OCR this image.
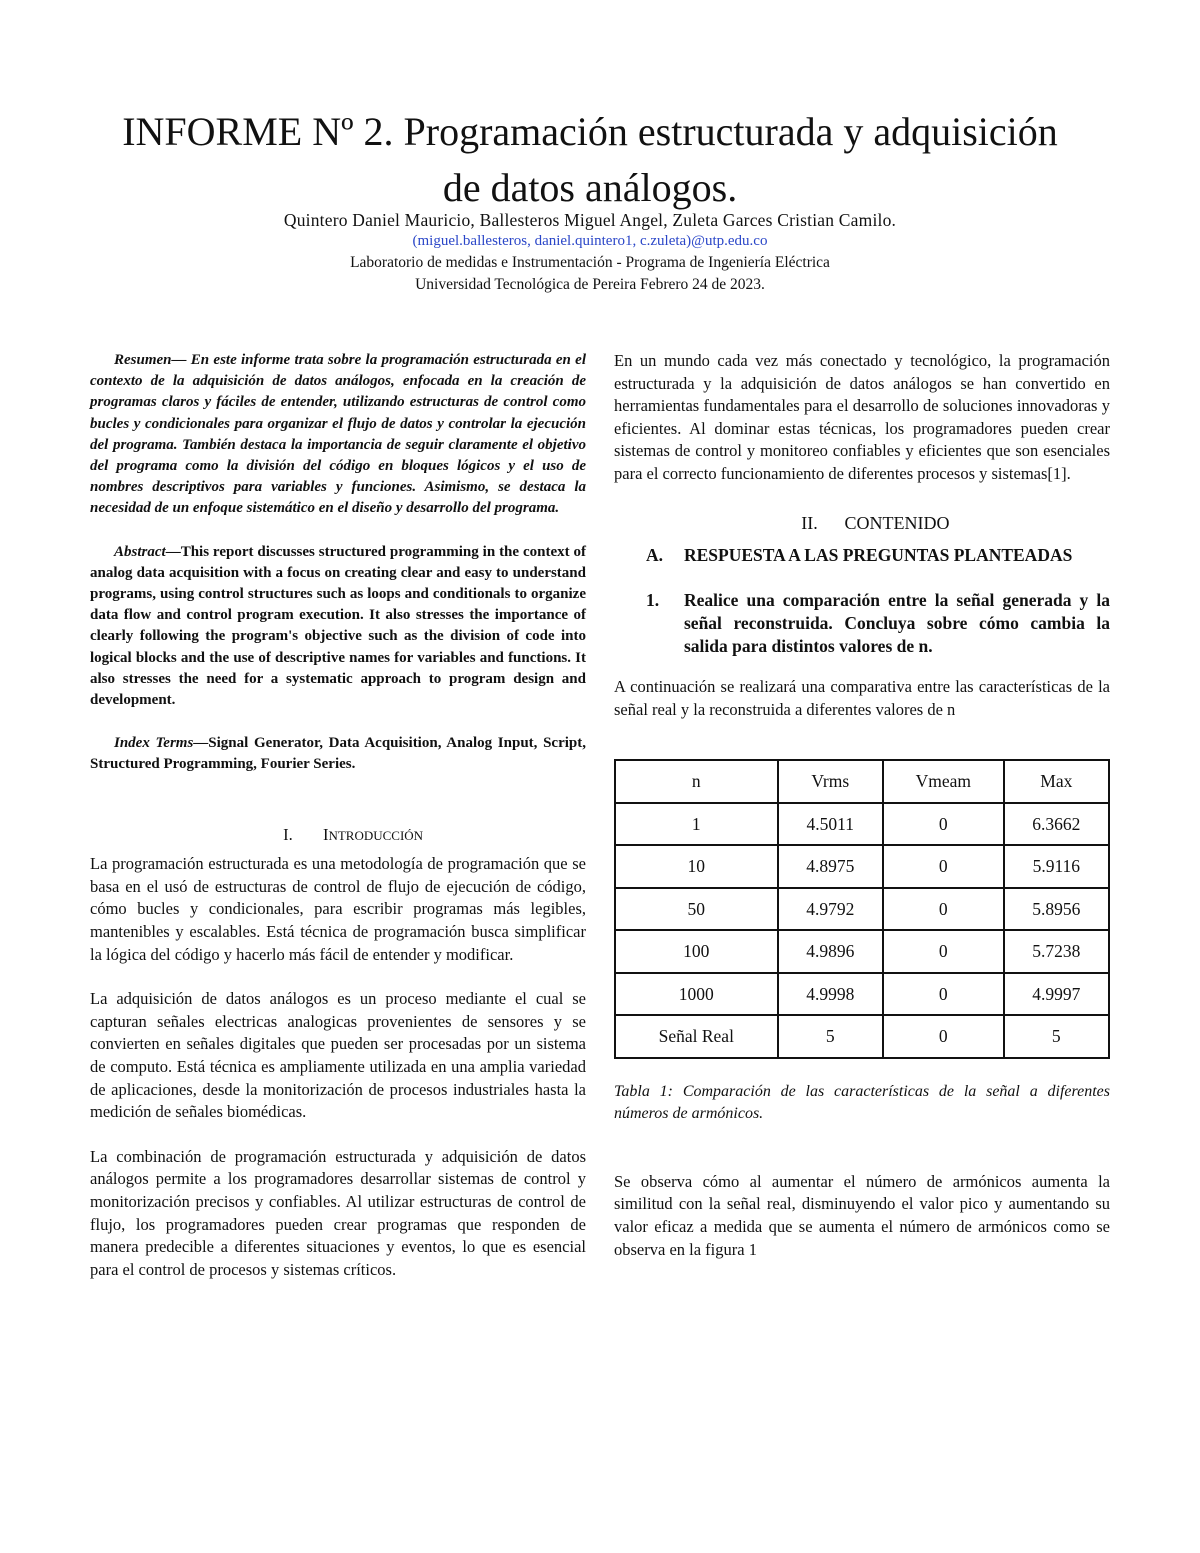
INFORME Nº 2. Programación estructurada y adquisición de datos análogos.
Quintero Daniel Mauricio, Ballesteros Miguel Angel, Zuleta Garces Cristian Camilo.
(miguel.ballesteros, daniel.quintero1, c.zuleta)@utp.edu.co
Laboratorio de medidas e Instrumentación - Programa de Ingeniería Eléctrica
Universidad Tecnológica de Pereira Febrero 24 de 2023.

Resumen— En este informe trata sobre la programación estructurada en el contexto de la adquisición de datos análogos, enfocada en la creación de programas claros y fáciles de entender, utilizando estructuras de control como bucles y condicionales para organizar el flujo de datos y controlar la ejecución del programa. También destaca la importancia de seguir claramente el objetivo del programa como la división del código en bloques lógicos y el uso de nombres descriptivos para variables y funciones. Asimismo, se destaca la necesidad de un enfoque sistemático en el diseño y desarrollo del programa.

Abstract—This report discusses structured programming in the context of analog data acquisition with a focus on creating clear and easy to understand programs, using control structures such as loops and conditionals to organize data flow and control program execution. It also stresses the importance of clearly following the program's objective such as the division of code into logical blocks and the use of descriptive names for variables and functions. It also stresses the need for a systematic approach to program design and development.

Index Terms—Signal Generator, Data Acquisition, Analog Input, Script, Structured Programming, Fourier Series.

I. INTRODUCCIÓN

La programación estructurada es una metodología de programación que se basa en el usó de estructuras de control de flujo de ejecución de código, cómo bucles y condicionales, para escribir programas más legibles, mantenibles y escalables. Está técnica de programación busca simplificar la lógica del código y hacerlo más fácil de entender y modificar.

La adquisición de datos análogos es un proceso mediante el cual se capturan señales electricas analogicas provenientes de sensores y se convierten en señales digitales que pueden ser procesadas por un sistema de computo. Está técnica es ampliamente utilizada en una amplia variedad de aplicaciones, desde la monitorización de procesos industriales hasta la medición de señales biomédicas.

La combinación de programación estructurada y adquisición de datos análogos permite a los programadores desarrollar sistemas de control y monitorización precisos y confiables. Al utilizar estructuras de control de flujo, los programadores pueden crear programas que responden de manera predecible a diferentes situaciones y eventos, lo que es esencial para el control de procesos y sistemas críticos.

En un mundo cada vez más conectado y tecnológico, la programación estructurada y la adquisición de datos análogos se han convertido en herramientas fundamentales para el desarrollo de soluciones innovadoras y eficientes. Al dominar estas técnicas, los programadores pueden crear sistemas de control y monitoreo confiables y eficientes que son esenciales para el correcto funcionamiento de diferentes procesos y sistemas[1].

II. CONTENIDO
A.	RESPUESTA A LAS PREGUNTAS PLANTEADAS
1.	Realice una comparación entre la señal generada y la señal reconstruida. Concluya sobre cómo cambia la salida para distintos valores de n.

A continuación se realizará una comparativa entre las características de la señal real y la reconstruida a diferentes valores de n

n	Vrms	Vmeam	Max
1	4.5011	0	6.3662
10	4.8975	0	5.9116
50	4.9792	0	5.8956
100	4.9896	0	5.7238
1000	4.9998	0	4.9997
Señal Real	5	0	5

Tabla 1: Comparación de las características de la señal a diferentes números de armónicos.

Se observa cómo al aumentar el número de armónicos aumenta la similitud con la señal real, disminuyendo el valor pico y aumentando su valor eficaz a medida que se aumenta el número de armónicos como se observa en la figura 1
